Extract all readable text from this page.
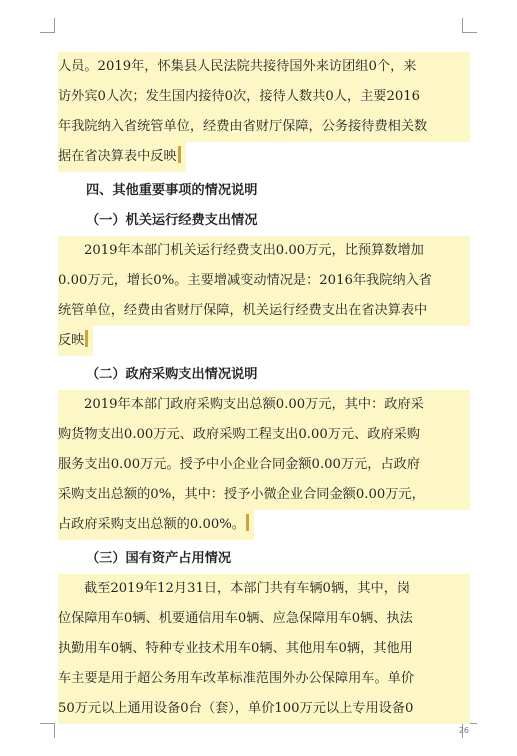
人员。2019年，怀集县人民法院共接待国外来访团组0个，来
访外宾0人次；发生国内接待0次，接待人数共0人，主要2016
年我院纳入省统管单位，经费由省财厅保障，公务接待费相关数
据在省决算表中反映
四、其他重要事项的情况说明
（一）机关运行经费支出情况
2019年本部门机关运行经费支出0.00万元，比预算数增加
0.00万元，增长0%。主要增减变动情况是：2016年我院纳入省
统管单位，经费由省财厅保障，机关运行经费支出在省决算表中
反映
（二）政府采购支出情况说明
2019年本部门政府采购支出总额0.00万元，其中：政府采
购货物支出0.00万元、政府采购工程支出0.00万元、政府采购
服务支出0.00万元。授予中小企业合同金额0.00万元，占政府
采购支出总额的0%，其中：授予小微企业合同金额0.00万元，
占政府采购支出总额的0.00%。
（三）国有资产占用情况
截至2019年12月31日，本部门共有车辆0辆，其中，岗
位保障用车0辆、机要通信用车0辆、应急保障用车0辆、执法
执勤用车0辆、特种专业技术用车0辆、其他用车0辆，其他用
车主要是用于超公务用车改革标准范围外办公保障用车。单价
50万元以上通用设备0台（套），单价100万元以上专用设备0
26
